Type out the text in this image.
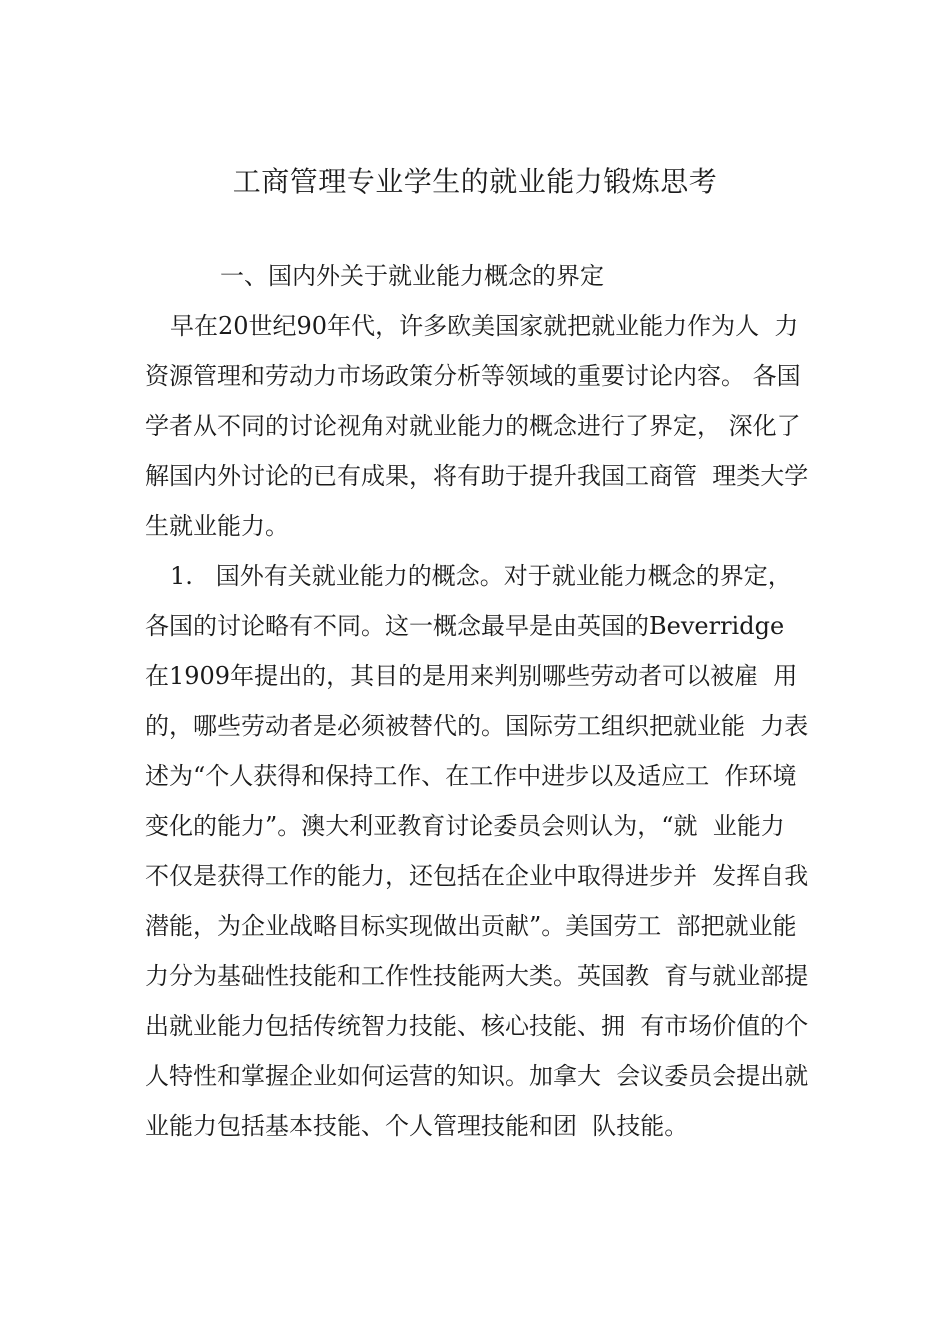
工商管理专业学生的就业能力锻炼思考

一、国内外关于就业能力概念的界定

早在20世纪90年代，许多欧美国家就把就业能力作为人  力

资源管理和劳动力市场政策分析等领域的重要讨论内容。 各国

学者从不同的讨论视角对就业能力的概念进行了界定， 深化了

解国内外讨论的已有成果，将有助于提升我国工商管  理类大学

生就业能力。

1.   国外有关就业能力的概念。对于就业能力概念的界定，

各国的讨论略有不同。这一概念最早是由英国的Beverridge

在1909年提出的，其目的是用来判别哪些劳动者可以被雇  用

的，哪些劳动者是必须被替代的。国际劳工组织把就业能  力表

述为“个人获得和保持工作、在工作中进步以及适应工  作环境

变化的能力”。澳大利亚教育讨论委员会则认为，“就  业能力

不仅是获得工作的能力，还包括在企业中取得进步并  发挥自我

潜能，为企业战略目标实现做出贡献”。美国劳工  部把就业能

力分为基础性技能和工作性技能两大类。英国教  育与就业部提

出就业能力包括传统智力技能、核心技能、拥  有市场价值的个

人特性和掌握企业如何运营的知识。加拿大  会议委员会提出就

业能力包括基本技能、个人管理技能和团  队技能。
